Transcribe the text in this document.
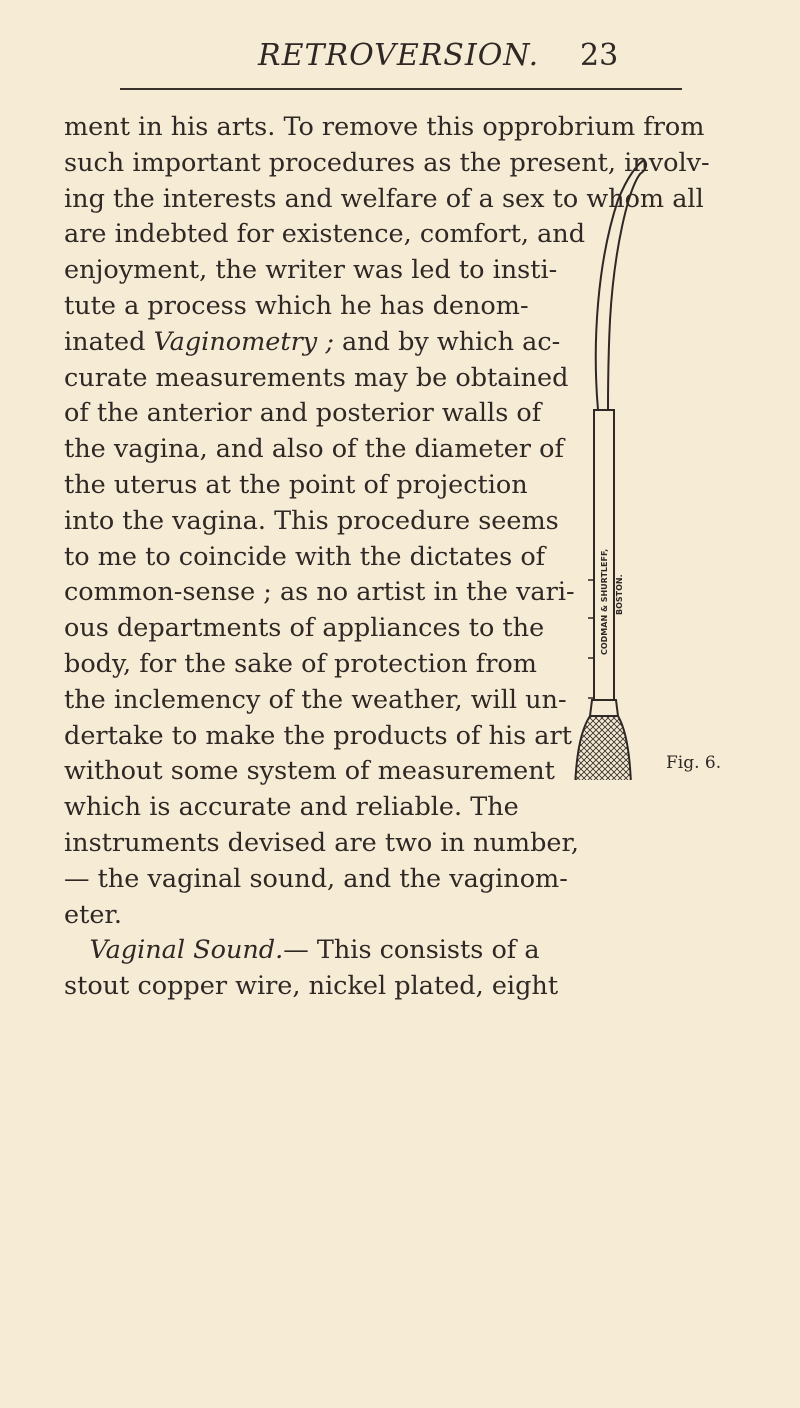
RETROVERSION. 23
ment in his arts. To remove this opprobrium from
such important procedures as the present, involv-
ing the interests and welfare of a sex to whom all
are indebted for existence, comfort, and
enjoyment, the writer was led to insti-
tute a process which he has denom-
inated Vaginometry ; and by which ac-
curate measurements may be obtained
of the anterior and posterior walls of
the vagina, and also of the diameter of
the uterus at the point of projection
into the vagina. This procedure seems
to me to coincide with the dictates of
common-sense ; as no artist in the vari-
ous departments of appliances to the
body, for the sake of protection from
the inclemency of the weather, will un-
dertake to make the products of his art
without some system of measurement
which is accurate and reliable. The
instruments devised are two in number,
— the vaginal sound, and the vaginom-
eter.
 Vaginal Sound.— This consists of a
stout copper wire, nickel plated, eight
CODMAN & SHURTLEFF, BOSTON.
Fig. 6.
